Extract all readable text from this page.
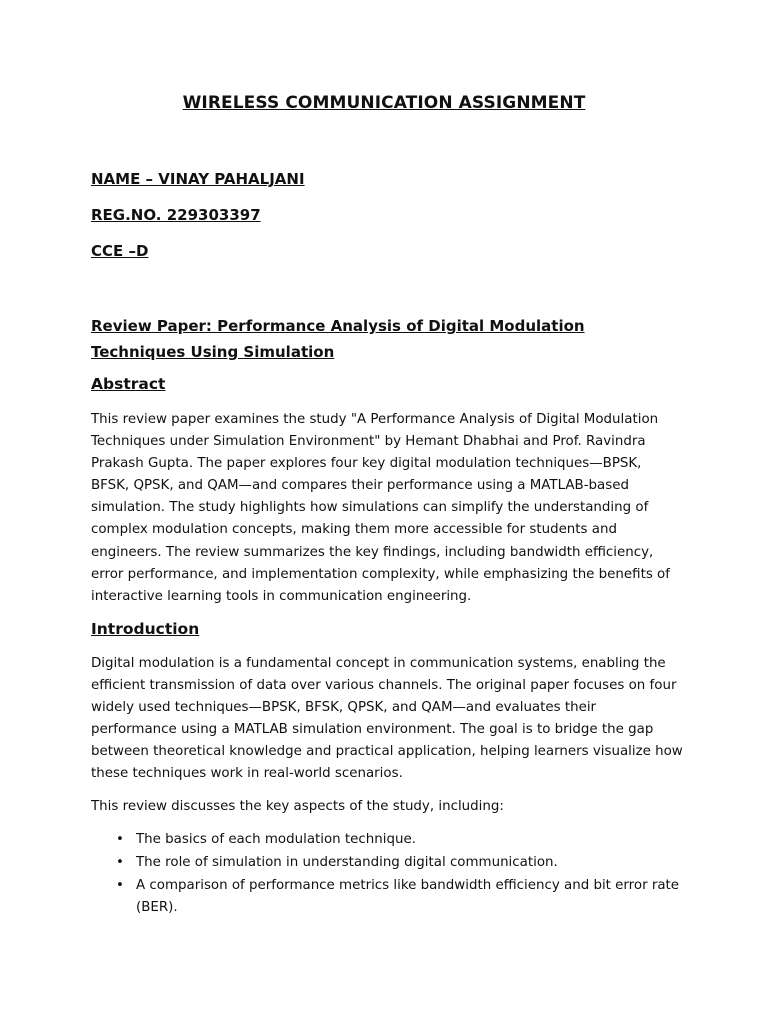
WIRELESS COMMUNICATION ASSIGNMENT
NAME – VINAY PAHALJANI
REG.NO. 229303397
CCE –D
Review Paper: Performance Analysis of Digital Modulation Techniques Using Simulation
Abstract

This review paper examines the study "A Performance Analysis of Digital Modulation Techniques under Simulation Environment" by Hemant Dhabhai and Prof. Ravindra Prakash Gupta. The paper explores four key digital modulation techniques—BPSK, BFSK, QPSK, and QAM—and compares their performance using a MATLAB-based simulation. The study highlights how simulations can simplify the understanding of complex modulation concepts, making them more accessible for students and engineers. The review summarizes the key findings, including bandwidth efficiency, error performance, and implementation complexity, while emphasizing the benefits of interactive learning tools in communication engineering.

Introduction

Digital modulation is a fundamental concept in communication systems, enabling the efficient transmission of data over various channels. The original paper focuses on four widely used techniques—BPSK, BFSK, QPSK, and QAM—and evaluates their performance using a MATLAB simulation environment. The goal is to bridge the gap between theoretical knowledge and practical application, helping learners visualize how these techniques work in real-world scenarios.

This review discusses the key aspects of the study, including:

• The basics of each modulation technique.
• The role of simulation in understanding digital communication.
• A comparison of performance metrics like bandwidth efficiency and bit error rate (BER).
